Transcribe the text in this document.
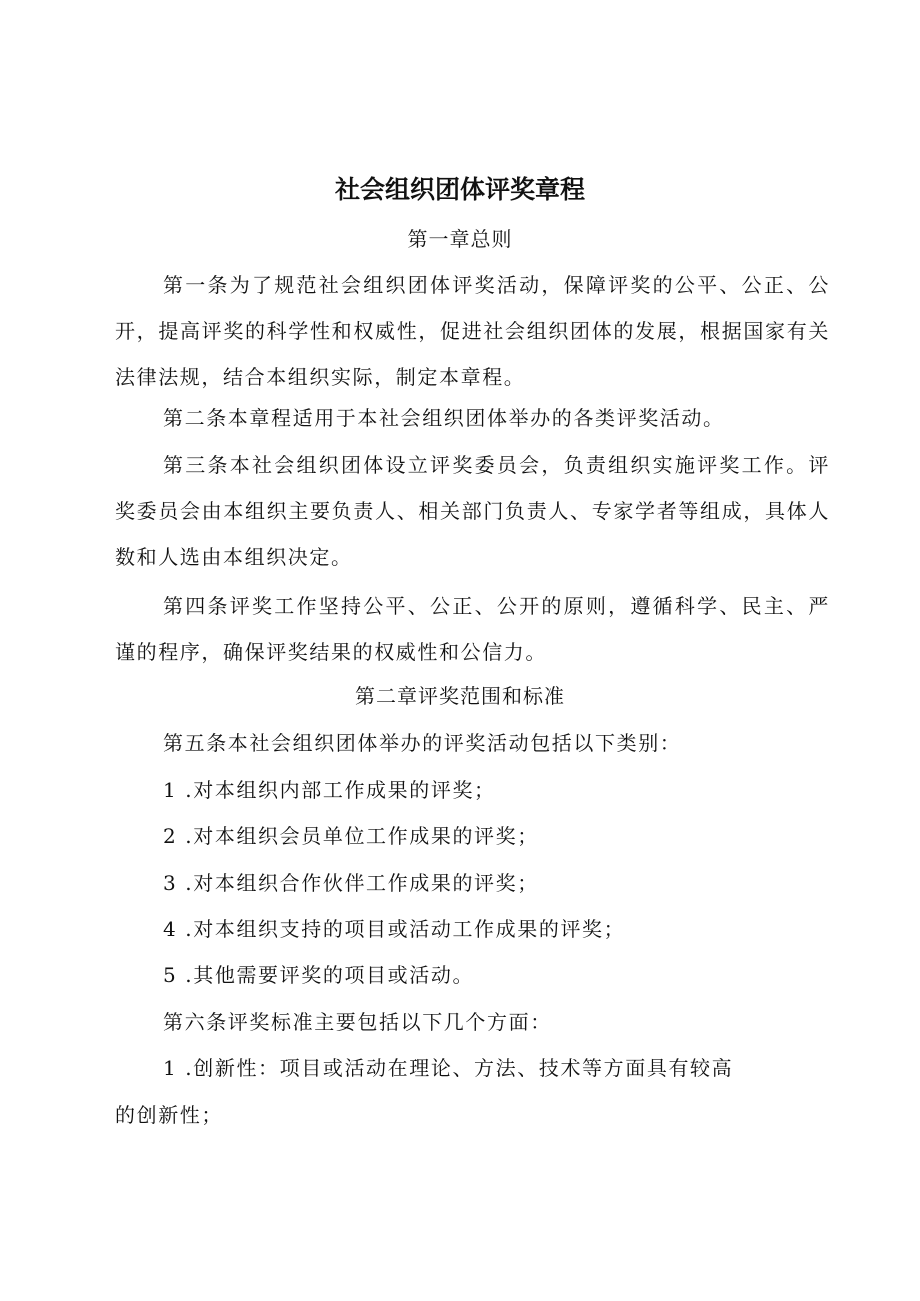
社会组织团体评奖章程

第一章总则

第一条为了规范社会组织团体评奖活动，保障评奖的公平、公正、公开，提高评奖的科学性和权威性，促进社会组织团体的发展，根据国家有关法律法规，结合本组织实际，制定本章程。

第二条本章程适用于本社会组织团体举办的各类评奖活动。

第三条本社会组织团体设立评奖委员会，负责组织实施评奖工作。评奖委员会由本组织主要负责人、相关部门负责人、专家学者等组成，具体人数和人选由本组织决定。

第四条评奖工作坚持公平、公正、公开的原则，遵循科学、民主、严谨的程序，确保评奖结果的权威性和公信力。

第二章评奖范围和标准

第五条本社会组织团体举办的评奖活动包括以下类别：

1 .对本组织内部工作成果的评奖；

2 .对本组织会员单位工作成果的评奖；

3 .对本组织合作伙伴工作成果的评奖；

4 .对本组织支持的项目或活动工作成果的评奖；

5 .其他需要评奖的项目或活动。

第六条评奖标准主要包括以下几个方面：

1 .创新性：项目或活动在理论、方法、技术等方面具有较高

的创新性；
